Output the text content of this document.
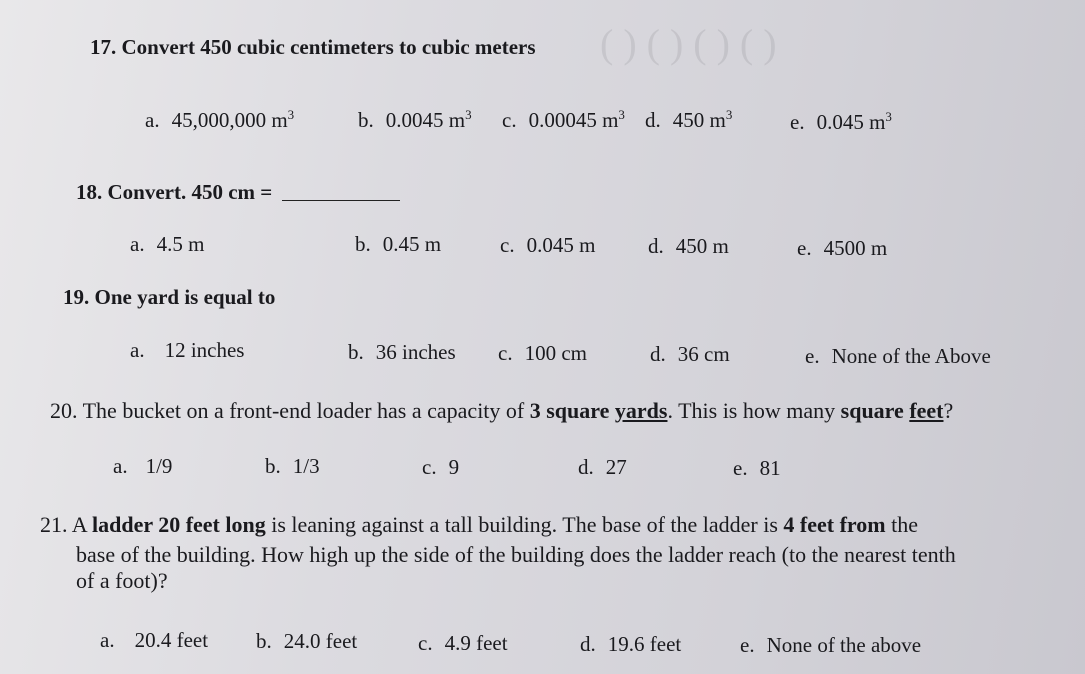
( ) ( ) ( ) ( )
17. Convert 450 cubic centimeters to cubic meters
a. 45,000,000 $m^3$	b. 0.0045 $m^3$ c. 0.00045 $m^3$ d. 450 $m^3$	e. 0.045 $m^3$
18. Convert. 450 cm =
a. 4.5 m	b. 0.45 m	c. 0.045 m	d. 450 m	e. 4500 m
19. One yard is equal to
a. 12 inches	b. 36 inches c. 100 cm	d. 36 cm	e. None of the Above
20. The bucket on a front-end loader has a capacity of 3 square yards. This is how many square feet?
a. 1/9	b. 1/3	c. 9	d. 27	e. 81
21. A ladder 20 feet long is leaning against a tall building. The base of the ladder is 4 feet from the
base of the building. How high up the side of the building does the ladder reach (to the nearest tenth
of a foot)?
a. 20.4 feet b. 24.0 feet	c. 4.9 feet	d. 19.6 feet	e. None of the above
